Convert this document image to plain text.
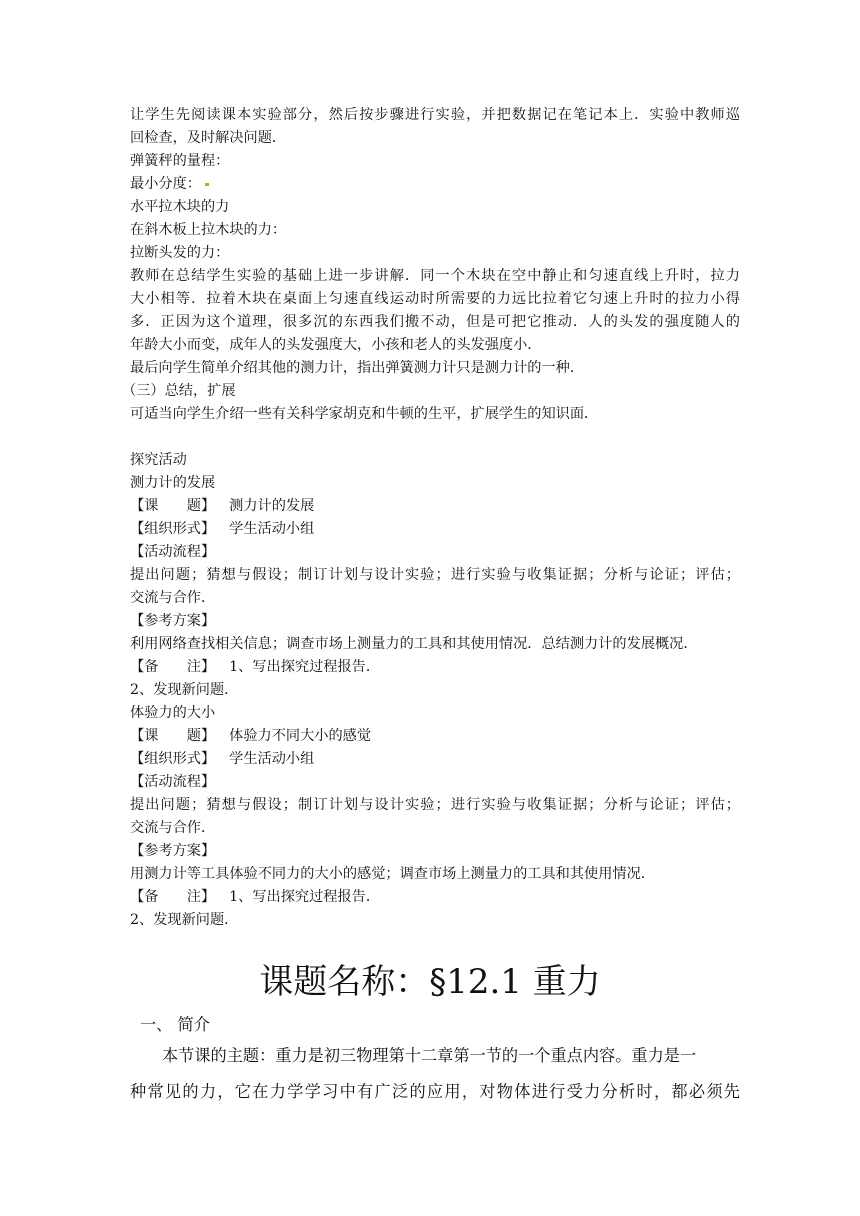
让学生先阅读课本实验部分，然后按步骤进行实验，并把数据记在笔记本上．实验中教师巡
回检查，及时解决问题．
弹簧秤的量程：
最小分度：
水平拉木块的力
在斜木板上拉木块的力：
拉断头发的力：
教师在总结学生实验的基础上进一步讲解．同一个木块在空中静止和匀速直线上升时，拉力
大小相等．拉着木块在桌面上匀速直线运动时所需要的力远比拉着它匀速上升时的拉力小得
多．正因为这个道理，很多沉的东西我们搬不动，但是可把它推动．人的头发的强度随人的
年龄大小而变，成年人的头发强度大，小孩和老人的头发强度小．
最后向学生简单介绍其他的测力计，指出弹簧测力计只是测力计的一种．
（三）总结，扩展
可适当向学生介绍一些有关科学家胡克和牛顿的生平，扩展学生的知识面．
探究活动
测力计的发展
【课　　题】 测力计的发展
【组织形式】 学生活动小组
【活动流程】
提出问题；猜想与假设；制订计划与设计实验；进行实验与收集证据；分析与论证；评估；
交流与合作．
【参考方案】
利用网络查找相关信息；调查市场上测量力的工具和其使用情况．总结测力计的发展概况．
【备　　注】 1、写出探究过程报告．
2、发现新问题．
体验力的大小
【课　　题】 体验力不同大小的感觉
【组织形式】 学生活动小组
【活动流程】
提出问题；猜想与假设；制订计划与设计实验；进行实验与收集证据；分析与论证；评估；
交流与合作．
【参考方案】
用测力计等工具体验不同力的大小的感觉；调查市场上测量力的工具和其使用情况．
【备　　注】 1、写出探究过程报告．
2、发现新问题．
课题名称：§12.1 重力
一、 简介
本节课的主题：重力是初三物理第十二章第一节的一个重点内容。重力是一
种常见的力，它在力学学习中有广泛的应用，对物体进行受力分析时，都必须先
